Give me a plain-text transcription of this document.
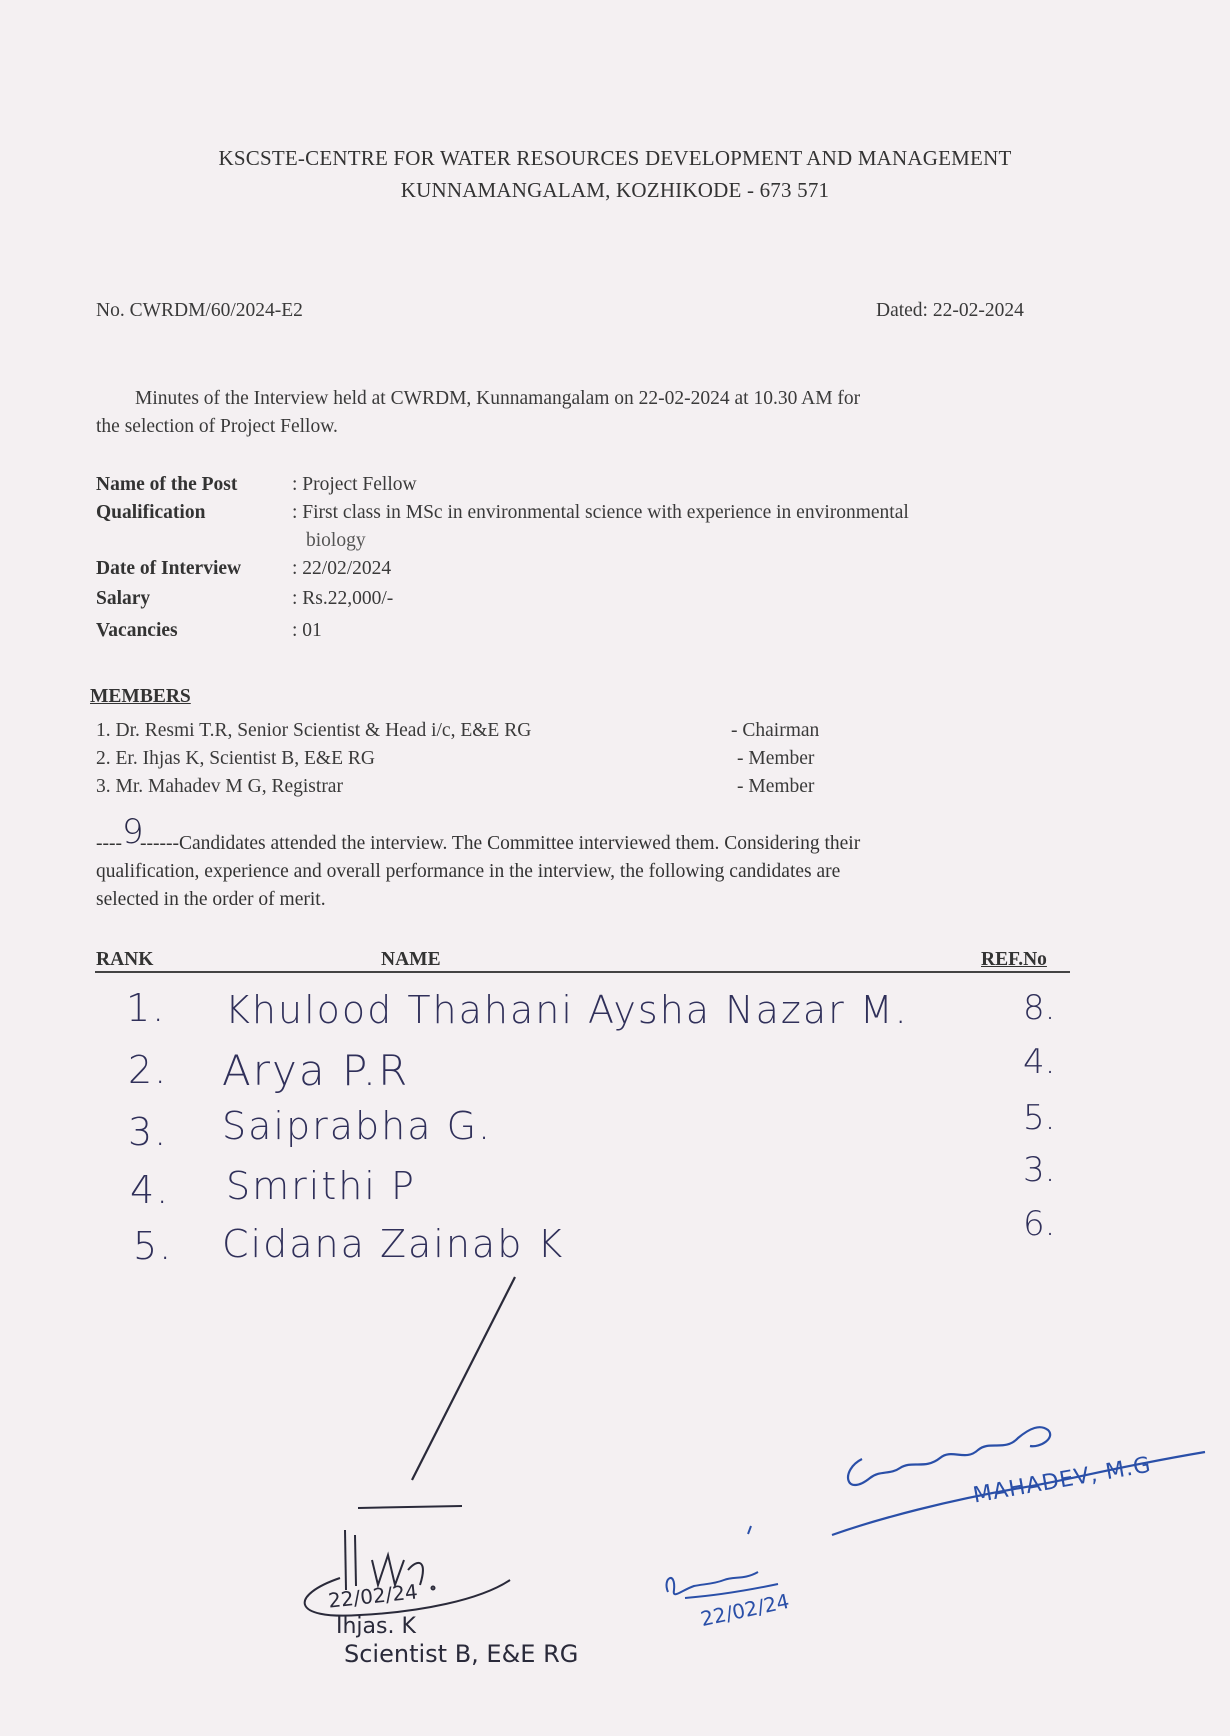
KSCSTE-CENTRE FOR WATER RESOURCES DEVELOPMENT AND MANAGEMENT
KUNNAMANGALAM, KOZHIKODE - 673 571
No. CWRDM/60/2024-E2	Dated: 22-02-2024
Minutes of the Interview held at CWRDM, Kunnamangalam on 22-02-2024 at 10.30 AM for
the selection of Project Fellow.
Name of the Post	: Project Fellow
Qualification	: First class in MSc in environmental science with experience in environmental
biology
Date of Interview	: 22/02/2024
Salary	: Rs.22,000/-
Vacancies	: 01
MEMBERS
1. Dr. Resmi T.R, Senior Scientist & Head i/c, E&E RG	- Chairman
2. Er. Ihjas K, Scientist B, E&E RG	- Member
3. Mr. Mahadev M G, Registrar	- Member
---- 9
------Candidates attended the interview. The Committee interviewed them. Considering their
qualification, experience and overall performance in the interview, the following candidates are
selected in the order of merit.
RANK	NAME	REF.No
1. Khulood Thahani Aysha Nazar M.	8.
2. Arya P.R	4.
3. Saiprabha G.	5.
4. Smrithi P	3.
5. Cidana Zainab K	6.
22/02/24
Ihjas. K
Scientist B, E&E RG
22/02/24
MAHADEV, M.G
